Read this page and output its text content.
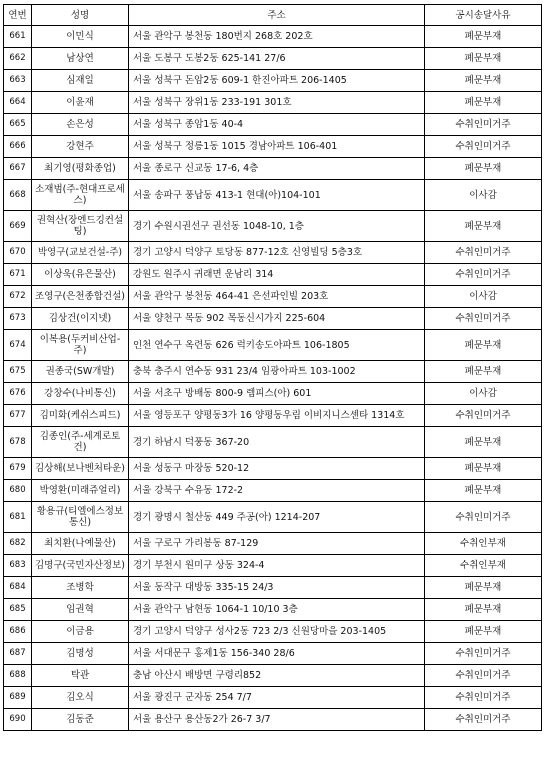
연번	성명	주소	공시송달사유
661	이민식	서울 관악구 봉천동 180번지 268호 202호	폐문부재
662	남상연	서울 도봉구 도봉2동 625-141 27/6	폐문부재
663	심재일	서울 성북구 돈암2동 609-1 한진아파트 206-1405	폐문부재
664	이윤재	서울 성북구 장위1동 233-191 301호	폐문부재
665	손은성	서울 성북구 종암1동 40-4	수취인미거주
666	강현주	서울 성북구 정릉1동 1015 경남아파트 106-401	수취인미거주
667	최기영(평화종업)	서울 종로구 신교동 17-6, 4층	폐문부재
668	소재범(주-현대프로세스)	서울 송파구 풍납동 413-1 현대(아)104-101	이사감
669	권혁산(장엔드깅컨설팅)	경기 수원시권선구 권선동 1048-10, 1층	폐문부재
670	박영구(교보건설-주)	경기 고양시 덕양구 토당동 877-12호 신영빌딩 5층3호	수취인미거주
671	이상욱(유은물산)	강원도 원주시 귀래면 운남리 314	수취인미거주
672	조영구(은천종합건설)	서울 관악구 봉천동 464-41 은선파인빌 203호	이사감
673	김상건(이지넷)	서울 양천구 목동 902 목동신시가지 225-604	수취인미거주
674	이복용(두커비산업-주)	인천 연수구 옥련동 626 럭키송도아파트 106-1805	폐문부재
675	권종국(SW개발)	충북 충주시 연수동 931 23/4 임광아파트 103-1002	폐문부재
676	강창수(나비통신)	서울 서초구 방배동 800-9 렘피스(아) 601	이사감
677	김미화(케쉬스피드)	서울 영등포구 양평동3가 16 양평동우림 이비지니스센타 1314호	수취인미거주
678	김종인(주-세계로토건)	경기 하남시 덕풍동 367-20	폐문부재
679	김상해(보나벤처타운)	서울 성동구 마장동 520-12	폐문부재
680	박영환(미래쥬얼리)	서울 강북구 수유동 172-2	폐문부재
681	황용규(티엘에스정보통신)	경기 광명시 철산동 449 주공(아) 1214-207	수취인미거주
682	최치환(나예물산)	서울 구로구 가리봉동 87-129	수취인부재
683	김명구(국민자산정보)	경기 부천시 원미구 상동 324-4	수취인부재
684	조병학	서울 동작구 대방동 335-15 24/3	폐문부재
685	임권혁	서울 관악구 남현동 1064-1 10/10 3층	폐문부재
686	이금용	경기 고양시 덕양구 성사2동 723 2/3 신원당마을 203-1405	폐문부재
687	김명성	서울 서대문구 홍제1동 156-340 28/6	수취인미거주
688	탁관	충남 아산시 배방면 구령리852	수취인미거주
689	김오식	서울 광진구 군자동 254 7/7	수취인미거주
690	김동준	서울 용산구 용산동2가 26-7 3/7	수취인미거주
